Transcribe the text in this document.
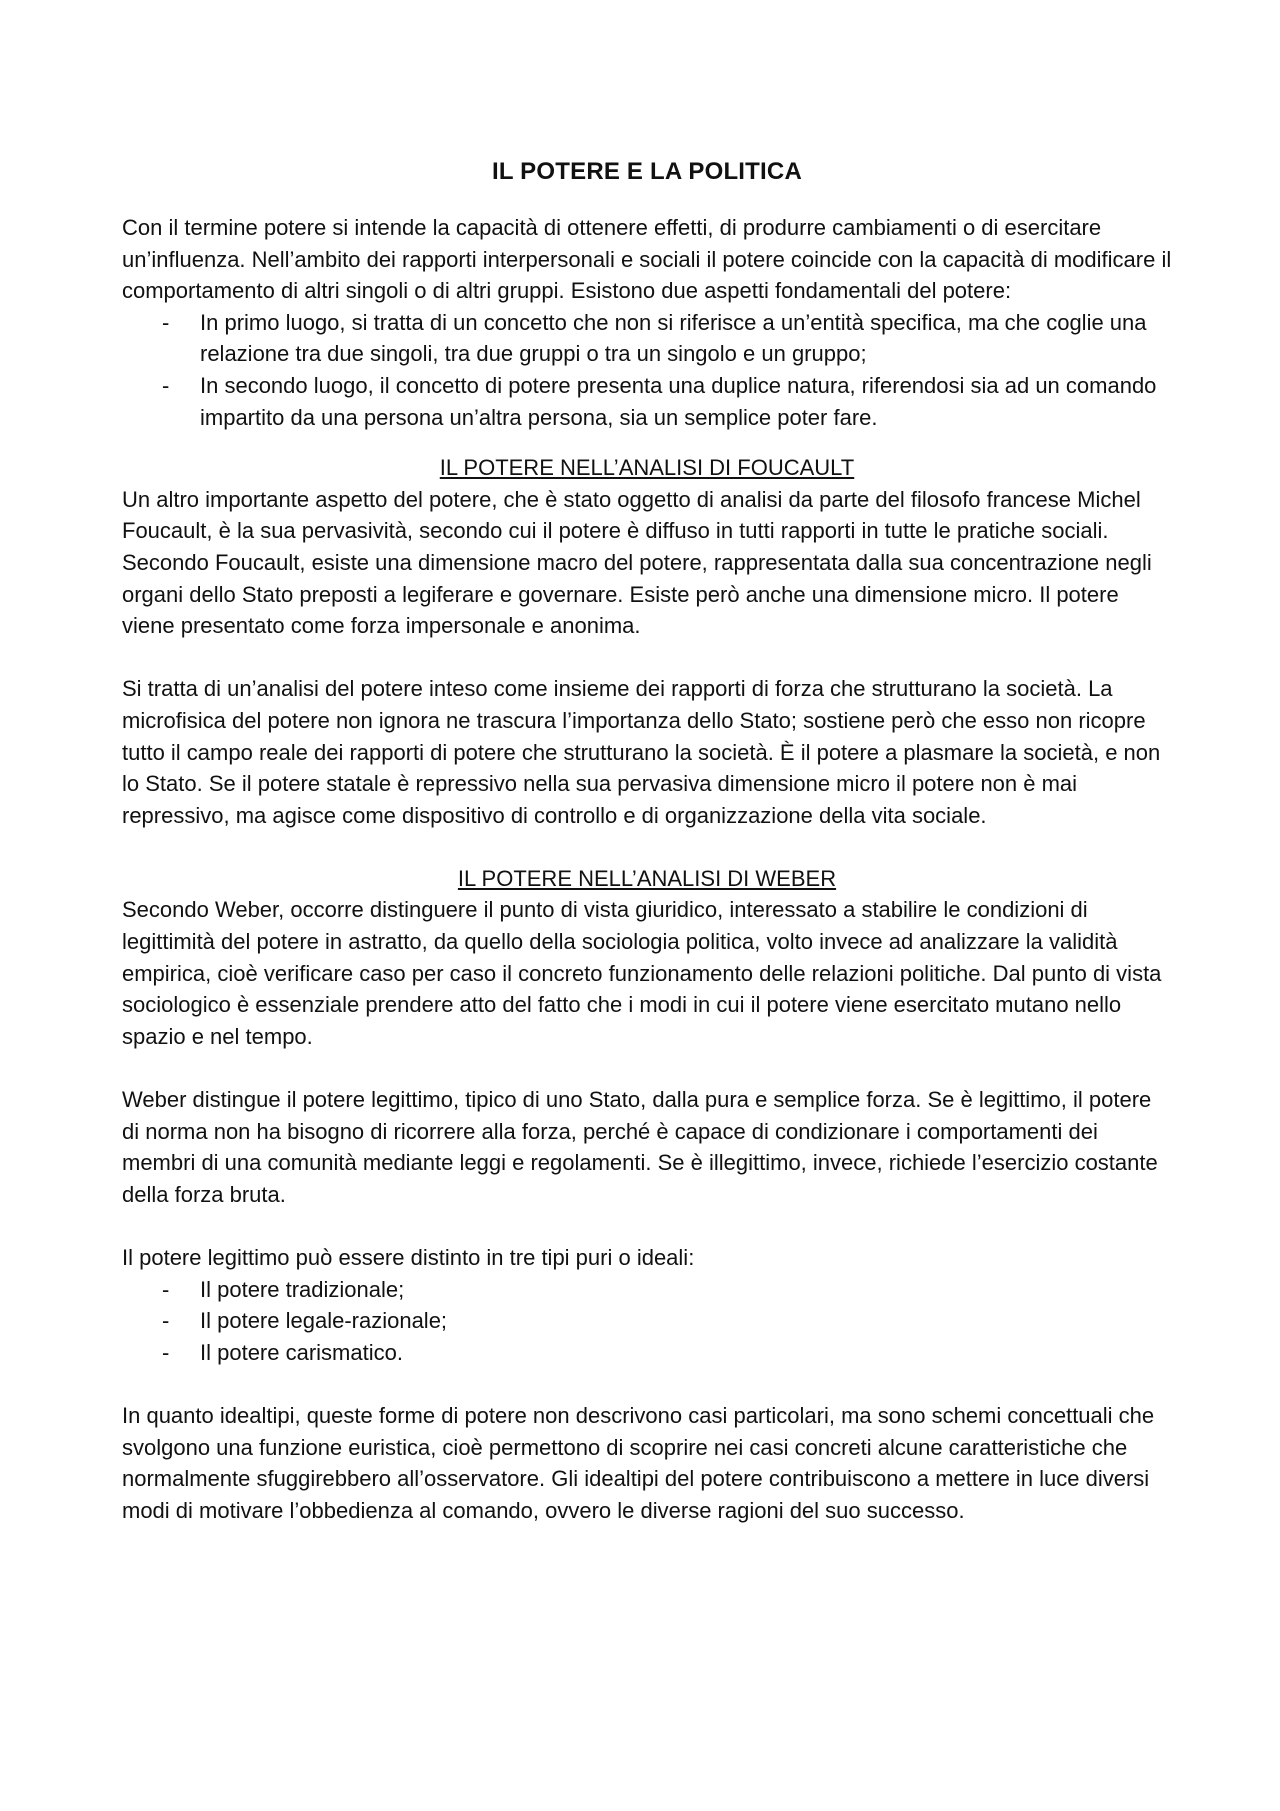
IL POTERE E LA POLITICA

Con il termine potere si intende la capacità di ottenere effetti, di produrre cambiamenti o di esercitare un’influenza. Nell’ambito dei rapporti interpersonali e sociali il potere coincide con la capacità di modificare il comportamento di altri singoli o di altri gruppi. Esistono due aspetti fondamentali del potere:

- In primo luogo, si tratta di un concetto che non si riferisce a un’entità specifica, ma che coglie una relazione tra due singoli, tra due gruppi o tra un singolo e un gruppo;
- In secondo luogo, il concetto di potere presenta una duplice natura, riferendosi sia ad un comando impartito da una persona un’altra persona, sia un semplice poter fare.
IL POTERE NELL’ANALISI DI FOUCAULT

Un altro importante aspetto del potere, che è stato oggetto di analisi da parte del filosofo francese Michel Foucault, è la sua pervasività, secondo cui il potere è diffuso in tutti rapporti in tutte le pratiche sociali. Secondo Foucault, esiste una dimensione macro del potere, rappresentata dalla sua concentrazione negli organi dello Stato preposti a legiferare e governare. Esiste però anche una dimensione micro. Il potere viene presentato come forza impersonale e anonima.

Si tratta di un’analisi del potere inteso come insieme dei rapporti di forza che strutturano la società. La microfisica del potere non ignora ne trascura l’importanza dello Stato; sostiene però che esso non ricopre tutto il campo reale dei rapporti di potere che strutturano la società. È il potere a plasmare la società, e non lo Stato. Se il potere statale è repressivo nella sua pervasiva dimensione micro il potere non è mai repressivo, ma agisce come dispositivo di controllo e di organizzazione della vita sociale.

IL POTERE NELL’ANALISI DI WEBER

Secondo Weber, occorre distinguere il punto di vista giuridico, interessato a stabilire le condizioni di legittimità del potere in astratto, da quello della sociologia politica, volto invece ad analizzare la validità empirica, cioè verificare caso per caso il concreto funzionamento delle relazioni politiche. Dal punto di vista sociologico è essenziale prendere atto del fatto che i modi in cui il potere viene esercitato mutano nello spazio e nel tempo.

Weber distingue il potere legittimo, tipico di uno Stato, dalla pura e semplice forza. Se è legittimo, il potere di norma non ha bisogno di ricorrere alla forza, perché è capace di condizionare i comportamenti dei membri di una comunità mediante leggi e regolamenti. Se è illegittimo, invece, richiede l’esercizio costante della forza bruta.

Il potere legittimo può essere distinto in tre tipi puri o ideali:

- Il potere tradizionale;
- Il potere legale-razionale;
- Il potere carismatico.

In quanto idealtipi, queste forme di potere non descrivono casi particolari, ma sono schemi concettuali che svolgono una funzione euristica, cioè permettono di scoprire nei casi concreti alcune caratteristiche che normalmente sfuggirebbero all’osservatore. Gli idealtipi del potere contribuiscono a mettere in luce diversi modi di motivare l’obbedienza al comando, ovvero le diverse ragioni del suo successo.
